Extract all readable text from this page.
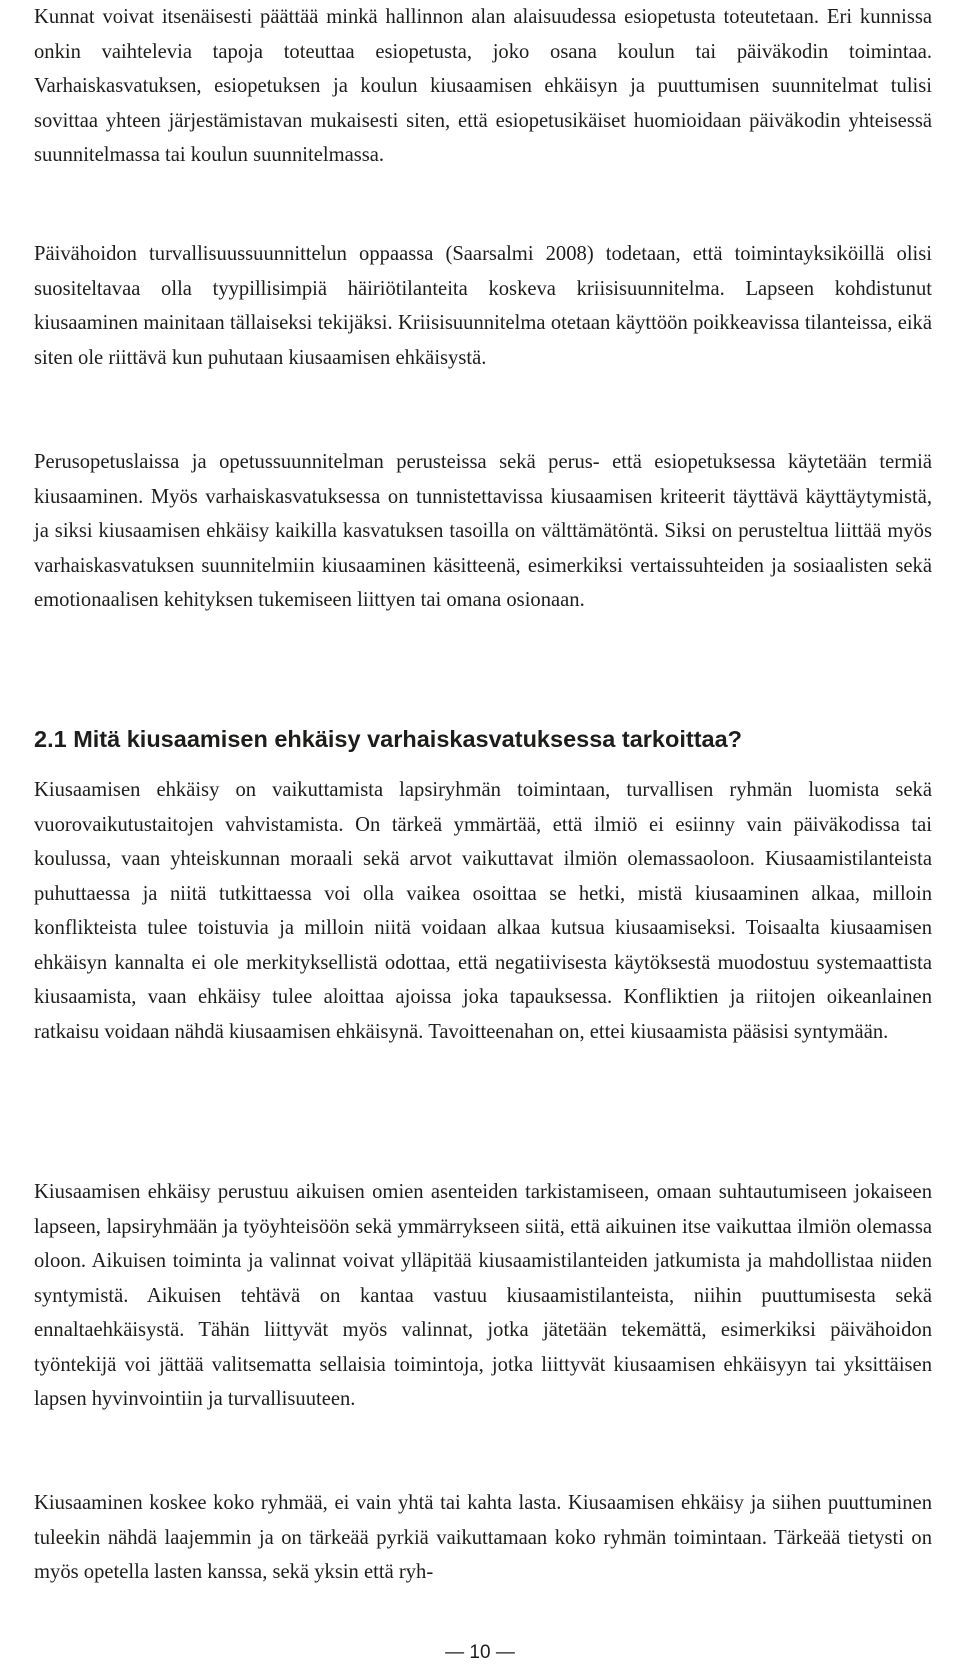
Kunnat voivat itsenäisesti päättää minkä hallinnon alan alaisuudessa esiopetusta toteutetaan. Eri kunnissa onkin vaihtelevia tapoja toteuttaa esiopetusta, joko osana koulun tai päiväkodin toimintaa. Varhaiskasvatuksen, esiopetuksen ja koulun kiusaamisen ehkäisyn ja puuttumisen suunnitelmat tulisi sovittaa yhteen järjestämistavan mukaisesti siten, että esiopetusikäiset huomioidaan päiväkodin yhteisessä suunnitelmassa tai koulun suunnitelmassa.

Päivähoidon turvallisuussuunnittelun oppaassa (Saarsalmi 2008) todetaan, että toimintayksiköillä olisi suositeltavaa olla tyypillisimpiä häiriötilanteita koskeva kriisisuunnitelma. Lapseen kohdistunut kiusaaminen mainitaan tällaiseksi tekijäksi. Kriisisuunnitelma otetaan käyttöön poikkeavissa tilanteissa, eikä siten ole riittävä kun puhutaan kiusaamisen ehkäisystä.

Perusopetuslaissa ja opetussuunnitelman perusteissa sekä perus- että esiopetuksessa käytetään termiä kiusaaminen. Myös varhaiskasvatuksessa on tunnistettavissa kiusaamisen kriteerit täyttävä käyttäytymistä, ja siksi kiusaamisen ehkäisy kaikilla kasvatuksen tasoilla on välttämätöntä. Siksi on perusteltua liittää myös varhaiskasvatuksen suunnitelmiin kiusaaminen käsitteenä, esimerkiksi vertaissuhteiden ja sosiaalisten sekä emotionaalisen kehityksen tukemiseen liittyen tai omana osionaan.

2.1 Mitä kiusaamisen ehkäisy varhaiskasvatuksessa tarkoittaa?

Kiusaamisen ehkäisy on vaikuttamista lapsiryhmän toimintaan, turvallisen ryhmän luomista sekä vuorovaikutustaitojen vahvistamista. On tärkeä ymmärtää, että ilmiö ei esiinny vain päiväkodissa tai koulussa, vaan yhteiskunnan moraali sekä arvot vaikuttavat ilmiön olemassaoloon. Kiusaamistilanteista puhuttaessa ja niitä tutkittaessa voi olla vaikea osoittaa se hetki, mistä kiusaaminen alkaa, milloin konflikteista tulee toistuvia ja milloin niitä voidaan alkaa kutsua kiusaamiseksi. Toisaalta kiusaamisen ehkäisyn kannalta ei ole merkityksellistä odottaa, että negatiivisesta käytöksestä muodostuu systemaattista kiusaamista, vaan ehkäisy tulee aloittaa ajoissa joka tapauksessa. Konfliktien ja riitojen oikeanlainen ratkaisu voidaan nähdä kiusaamisen ehkäisynä. Tavoitteenahan on, ettei kiusaamista pääsisi syntymään.

Kiusaamisen ehkäisy perustuu aikuisen omien asenteiden tarkistamiseen, omaan suhtautumiseen jokaiseen lapseen, lapsiryhmään ja työyhteisöön sekä ymmärrykseen siitä, että aikuinen itse vaikuttaa ilmiön olemassa oloon. Aikuisen toiminta ja valinnat voivat ylläpitää kiusaamistilanteiden jatkumista ja mahdollistaa niiden syntymistä. Aikuisen tehtävä on kantaa vastuu kiusaamistilanteista, niihin puuttumisesta sekä ennaltaehkäisystä. Tähän liittyvät myös valinnat, jotka jätetään tekemättä, esimerkiksi päivähoidon työntekijä voi jättää valitsematta sellaisia toimintoja, jotka liittyvät kiusaamisen ehkäisyyn tai yksittäisen lapsen hyvinvointiin ja turvallisuuteen.

Kiusaaminen koskee koko ryhmää, ei vain yhtä tai kahta lasta. Kiusaamisen ehkäisy ja siihen puuttuminen tuleekin nähdä laajemmin ja on tärkeää pyrkiä vaikuttamaan koko ryhmän toimintaan. Tärkeää tietysti on myös opetella lasten kanssa, sekä yksin että ryh-

— 10 —
